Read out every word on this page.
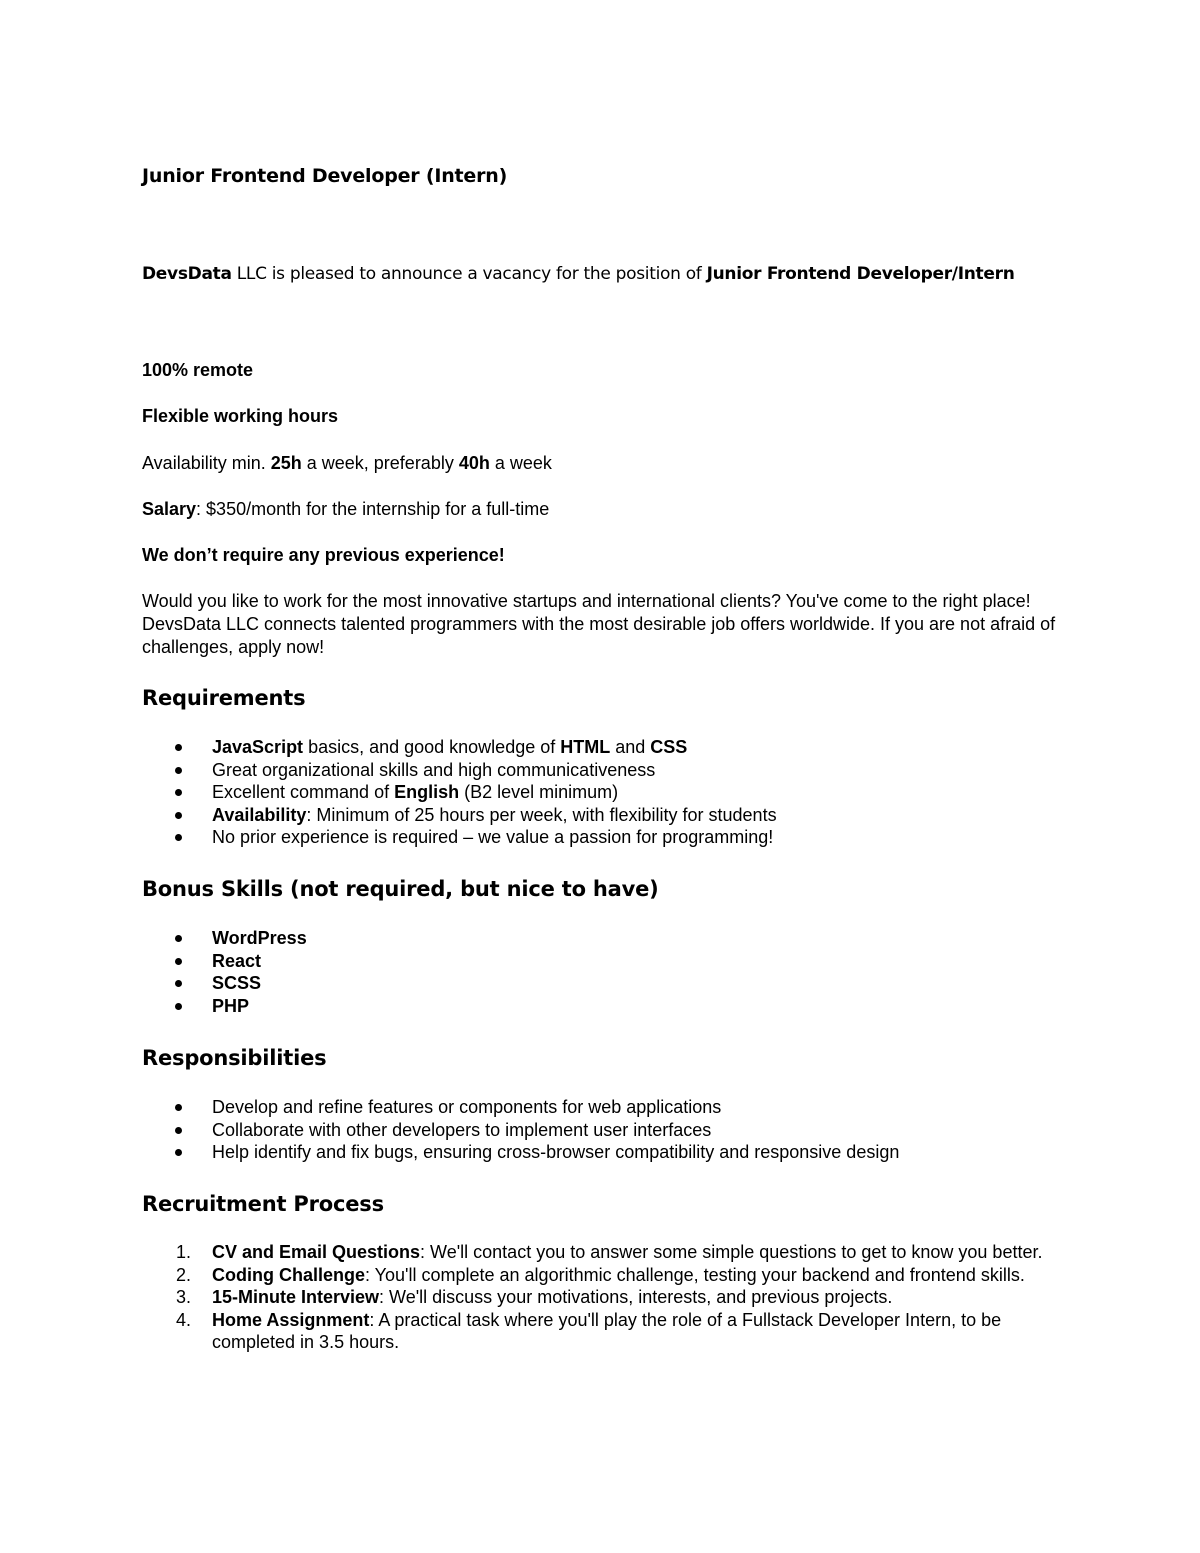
Junior Frontend Developer (Intern)
DevsData LLC is pleased to announce a vacancy for the position of Junior Frontend Developer/Intern
100% remote
Flexible working hours
Availability min. 25h a week, preferably 40h a week
Salary: $350/month for the internship for a full-time
We don’t require any previous experience!
Would you like to work for the most innovative startups and international clients? You've come to the right place! DevsData LLC connects talented programmers with the most desirable job offers worldwide. If you are not afraid of challenges, apply now!
Requirements
JavaScript basics, and good knowledge of HTML and CSS
Great organizational skills and high communicativeness
Excellent command of English (B2 level minimum)
Availability: Minimum of 25 hours per week, with flexibility for students
No prior experience is required – we value a passion for programming!
Bonus Skills (not required, but nice to have)
WordPress
React
SCSS
PHP
Responsibilities
Develop and refine features or components for web applications
Collaborate with other developers to implement user interfaces
Help identify and fix bugs, ensuring cross-browser compatibility and responsive design
Recruitment Process
1. CV and Email Questions: We'll contact you to answer some simple questions to get to know you better.
2. Coding Challenge: You'll complete an algorithmic challenge, testing your backend and frontend skills.
3. 15-Minute Interview: We'll discuss your motivations, interests, and previous projects.
4. Home Assignment: A practical task where you'll play the role of a Fullstack Developer Intern, to be completed in 3.5 hours.
